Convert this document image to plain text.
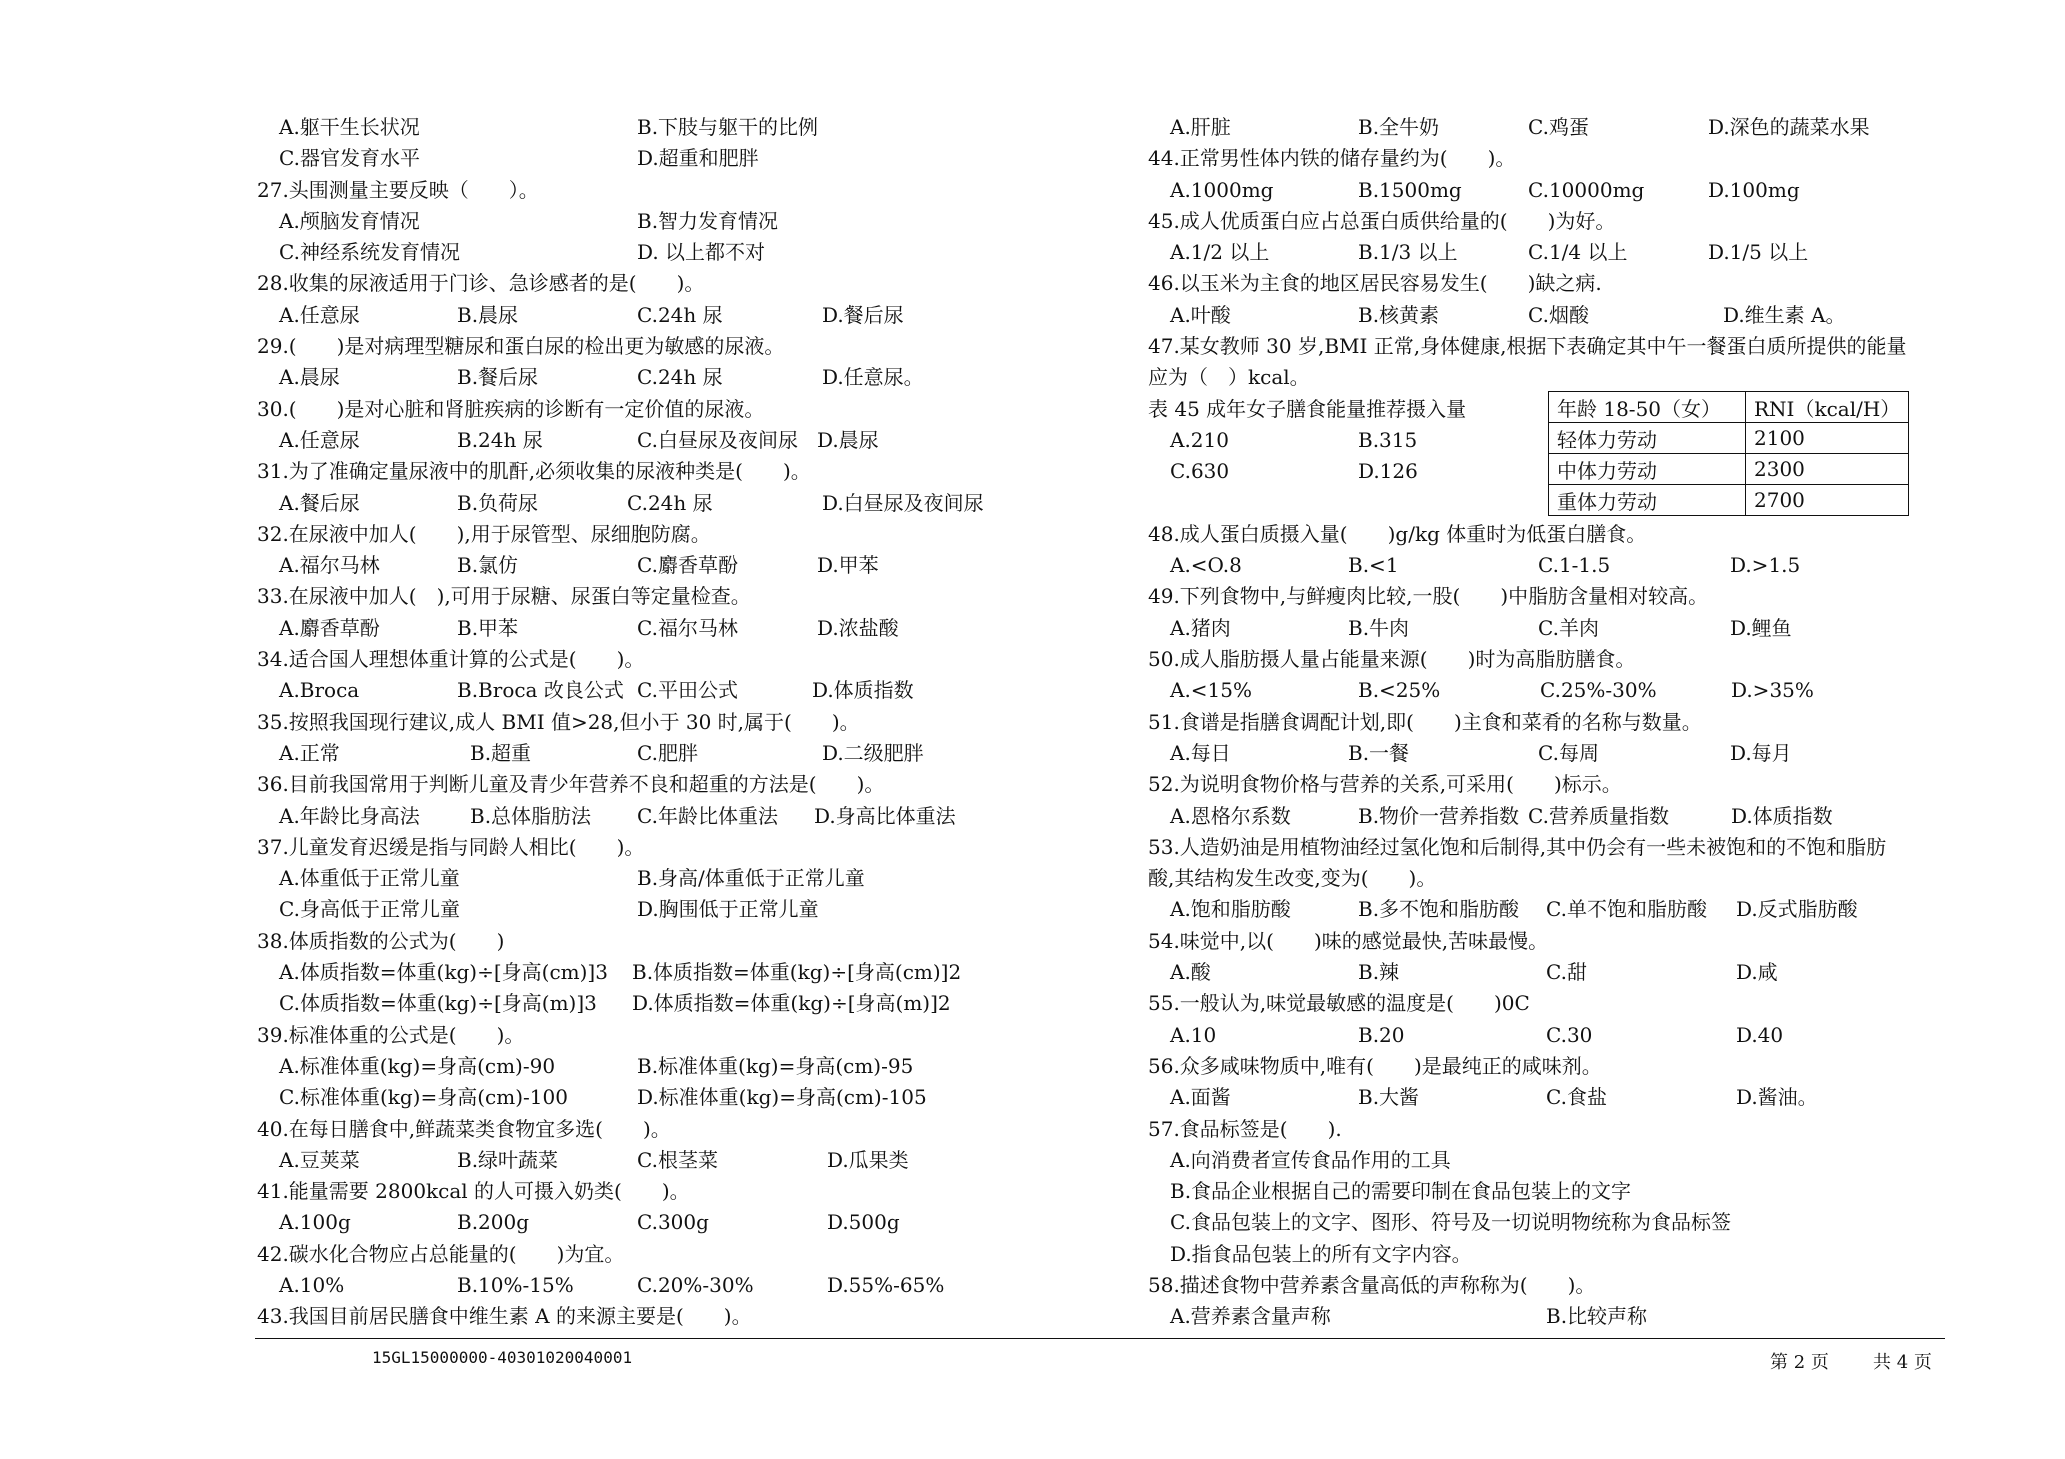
A.躯干生长状况	B.下肢与躯干的比例
C.器官发育水平	D.超重和肥胖
27.头围测量主要反映（　　）。
A.颅脑发育情况	B.智力发育情况
C.神经系统发育情况	D. 以上都不对
28.收集的尿液适用于门诊、急诊感者的是(　　)。
A.任意尿	B.晨尿	C.24h 尿	D.餐后尿
29.(　　)是对病理型糖尿和蛋白尿的检出更为敏感的尿液。
A.晨尿	B.餐后尿	C.24h 尿	D.任意尿。
30.(　　)是对心脏和肾脏疾病的诊断有一定价值的尿液。
A.任意尿	B.24h 尿	C.白昼尿及夜间尿 D.晨尿
31.为了准确定量尿液中的肌酐,必须收集的尿液种类是(　　)。
A.餐后尿	B.负荷尿	C.24h 尿	D.白昼尿及夜间尿
32.在尿液中加人(　　),用于尿管型、尿细胞防腐。
A.福尔马林	B.氯仿	C.麝香草酚	D.甲苯
33.在尿液中加人(　),可用于尿糖、尿蛋白等定量检查。
A.麝香草酚	B.甲苯	C.福尔马林	D.浓盐酸
34.适合国人理想体重计算的公式是(　　)。
A.Broca	B.Broca 改良公式 C.平田公式	D.体质指数
35.按照我国现行建议,成人 BMI 值>28,但小于 30 时,属于(　　)。
A.正常	B.超重	C.肥胖	D.二级肥胖
36.目前我国常用于判断儿童及青少年营养不良和超重的方法是(　　)。
A.年龄比身高法	B.总体脂肪法 C.年龄比体重法 D.身高比体重法
37.儿童发育迟缓是指与同龄人相比(　　)。
A.体重低于正常儿童	B.身高/体重低于正常儿童
C.身高低于正常儿童	D.胸围低于正常儿童
38.体质指数的公式为(　　)
A.体质指数=体重(kg)÷[身高(cm)]3 B.体质指数=体重(kg)÷[身高(cm)]2
C.体质指数=体重(kg)÷[身高(m)]3 D.体质指数=体重(kg)÷[身高(m)]2
39.标准体重的公式是(　　)。
A.标准体重(kg)=身高(cm)-90	B.标准体重(kg)=身高(cm)-95
C.标准体重(kg)=身高(cm)-100	D.标准体重(kg)=身高(cm)-105
40.在每日膳食中,鲜蔬菜类食物宜多选(　　)。
A.豆荚菜	B.绿叶蔬菜	C.根茎菜	D.瓜果类
41.能量需要 2800kcal 的人可摄入奶类(　　)。
A.100g	B.200g	C.300g	D.500g
42.碳水化合物应占总能量的(　　)为宜。
A.10%	B.10%-15%	C.20%-30%	D.55%-65%
43.我国目前居民膳食中维生素 A 的来源主要是(　　)。
A.肝脏	B.全牛奶	C.鸡蛋	D.深色的蔬菜水果
44.正常男性体内铁的储存量约为(　　)。
A.1000mg	B.1500mg	C.10000mg	D.100mg
45.成人优质蛋白应占总蛋白质供给量的(　　)为好。
A.1/2 以上	B.1/3 以上	C.1/4 以上	D.1/5 以上
46.以玉米为主食的地区居民容易发生(　　)缺之病.
A.叶酸	B.核黄素	C.烟酸	D.维生素 A。
47.某女教师 30 岁,BMI 正常,身体健康,根据下表确定其中午一餐蛋白质所提供的能量
应为（　）kcal。
表 45 成年女子膳食能量推荐摄入量
A.210	B.315
C.630	D.126
48.成人蛋白质摄入量(　　)g/kg 体重时为低蛋白膳食。
A.<O.8	B.<1	C.1-1.5	D.>1.5
49.下列食物中,与鲜瘦肉比较,一股(　　)中脂肪含量相对较高。
A.猪肉	B.牛肉	C.羊肉	D.鲤鱼
50.成人脂肪摄人量占能量来源(　　)时为高脂肪膳食。
A.<15%	B.<25%	C.25%-30%	D.>35%
51.食谱是指膳食调配计划,即(　　)主食和菜肴的名称与数量。
A.每日	B.一餐	C.每周	D.每月
52.为说明食物价格与营养的关系,可采用(　　)标示。
A.恩格尔系数	B.物价一营养指数 C.营养质量指数	D.体质指数
53.人造奶油是用植物油经过氢化饱和后制得,其中仍会有一些未被饱和的不饱和脂肪
酸,其结构发生改变,变为(　　)。
A.饱和脂肪酸	B.多不饱和脂肪酸 C.单不饱和脂肪酸 D.反式脂肪酸
54.味觉中,以(　　)味的感觉最快,苦味最慢。
A.酸	B.辣	C.甜	D.咸
55.一般认为,味觉最敏感的温度是(　　)0C
A.10	B.20	C.30	D.40
56.众多咸味物质中,唯有(　　)是最纯正的咸味剂。
A.面酱	B.大酱	C.食盐	D.酱油。
57.食品标签是(　　).
A.向消费者宣传食品作用的工具
B.食品企业根据自己的需要印制在食品包装上的文字
C.食品包装上的文字、图形、符号及一切说明物统称为食品标签
D.指食品包装上的所有文字内容。
58.描述食物中营养素含量高低的声称称为(　　)。
A.营养素含量声称	B.比较声称
年龄 18-50（女）	RNI（kcal/H）
轻体力劳动	2100
中体力劳动	2300
重体力劳动	2700
15GL15000000-40301020040001	第 2 页 共 4 页
